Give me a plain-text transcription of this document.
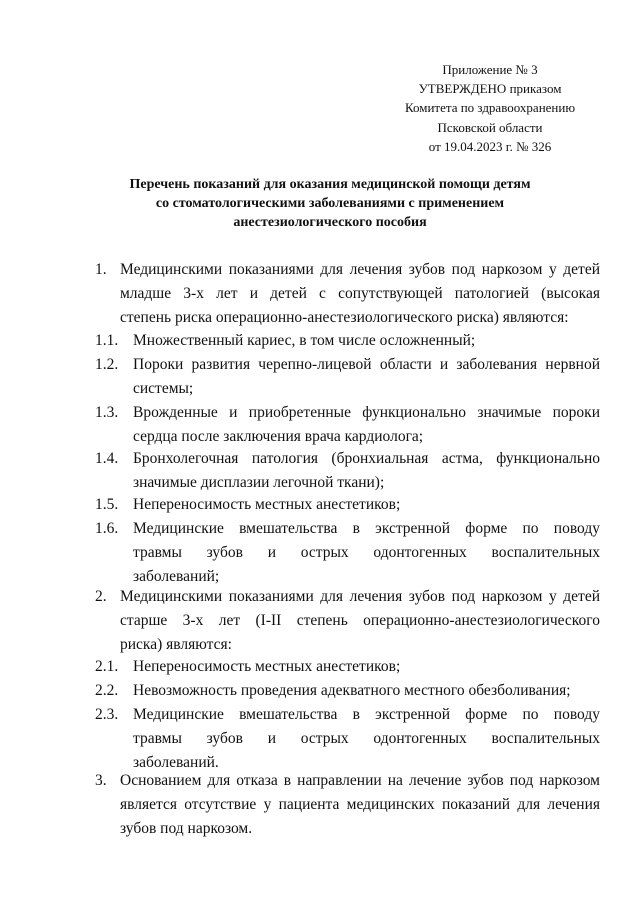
Приложение № 3
УТВЕРЖДЕНО приказом
Комитета по здравоохранению
Псковской области
от 19.04.2023 г. № 326
Перечень показаний для оказания медицинской помощи детям
со стоматологическими заболеваниями с применением
анестезиологического пособия
1. Медицинскими показаниями для лечения зубов под наркозом у детей
младше 3-х лет и детей с сопутствующей патологией (высокая
степень риска операционно-анестезиологического риска) являются:
1.1. Множественный кариес, в том числе осложненный;
1.2. Пороки развития черепно-лицевой области и заболевания нервной
системы;
1.3. Врожденные и приобретенные функционально значимые пороки
сердца после заключения врача кардиолога;
1.4. Бронхолегочная патология (бронхиальная астма, функционально
значимые дисплазии легочной ткани);
1.5. Непереносимость местных анестетиков;
1.6. Медицинские вмешательства в экстренной форме по поводу
травмы зубов и острых одонтогенных воспалительных
заболеваний;
2. Медицинскими показаниями для лечения зубов под наркозом у детей
старше 3-х лет (I-II степень операционно-анестезиологического
риска) являются:
2.1. Непереносимость местных анестетиков;
2.2. Невозможность проведения адекватного местного обезболивания;
2.3. Медицинские вмешательства в экстренной форме по поводу
травмы зубов и острых одонтогенных воспалительных
заболеваний.
3. Основанием для отказа в направлении на лечение зубов под наркозом
является отсутствие у пациента медицинских показаний для лечения
зубов под наркозом.
